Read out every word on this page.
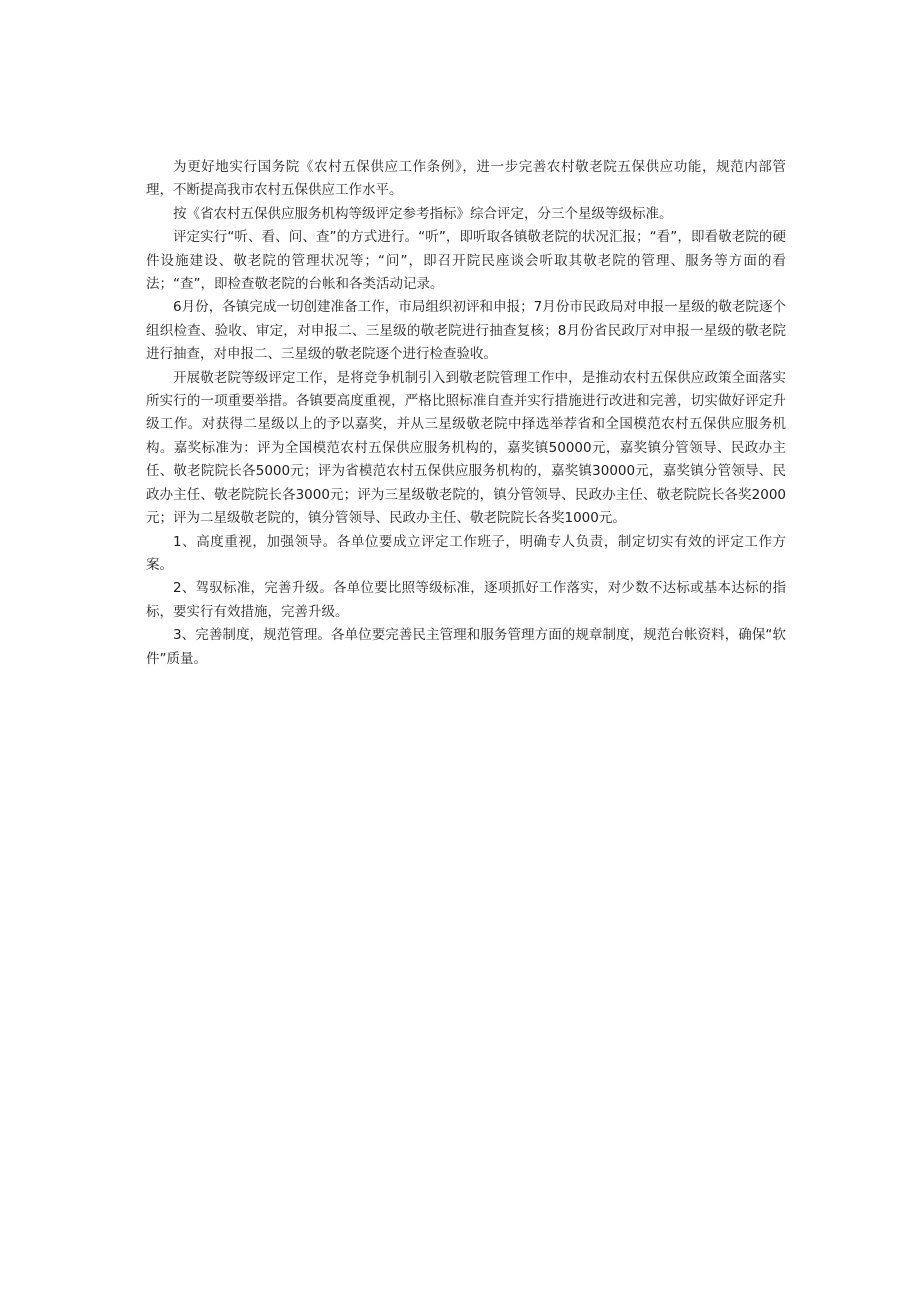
为更好地实行国务院《农村五保供应工作条例》，进一步完善农村敬老院五保供应功能，规范内部管理，不断提高我市农村五保供应工作水平。

按《省农村五保供应服务机构等级评定参考指标》综合评定，分三个星级等级标准。

评定实行“听、看、问、查”的方式进行。“听”，即听取各镇敬老院的状况汇报；“看”，即看敬老院的硬件设施建设、敬老院的管理状况等；“问”，即召开院民座谈会听取其敬老院的管理、服务等方面的看法；“查”，即检查敬老院的台帐和各类活动记录。

6月份，各镇完成一切创建准备工作，市局组织初评和申报；7月份市民政局对申报一星级的敬老院逐个组织检查、验收、审定，对申报二、三星级的敬老院进行抽查复核；8月份省民政厅对申报一星级的敬老院进行抽查，对申报二、三星级的敬老院逐个进行检查验收。

开展敬老院等级评定工作，是将竞争机制引入到敬老院管理工作中，是推动农村五保供应政策全面落实所实行的一项重要举措。各镇要高度重视，严格比照标准自查并实行措施进行改进和完善，切实做好评定升级工作。对获得二星级以上的予以嘉奖，并从三星级敬老院中择选举荐省和全国模范农村五保供应服务机构。嘉奖标准为：评为全国模范农村五保供应服务机构的，嘉奖镇50000元，嘉奖镇分管领导、民政办主任、敬老院院长各5000元；评为省模范农村五保供应服务机构的，嘉奖镇30000元，嘉奖镇分管领导、民政办主任、敬老院院长各3000元；评为三星级敬老院的，镇分管领导、民政办主任、敬老院院长各奖2000元；评为二星级敬老院的，镇分管领导、民政办主任、敬老院院长各奖1000元。

1、高度重视，加强领导。各单位要成立评定工作班子，明确专人负责，制定切实有效的评定工作方案。

2、驾驭标准，完善升级。各单位要比照等级标准，逐项抓好工作落实，对少数不达标或基本达标的指标，要实行有效措施，完善升级。

3、完善制度，规范管理。各单位要完善民主管理和服务管理方面的规章制度，规范台帐资料，确保“软件”质量。
